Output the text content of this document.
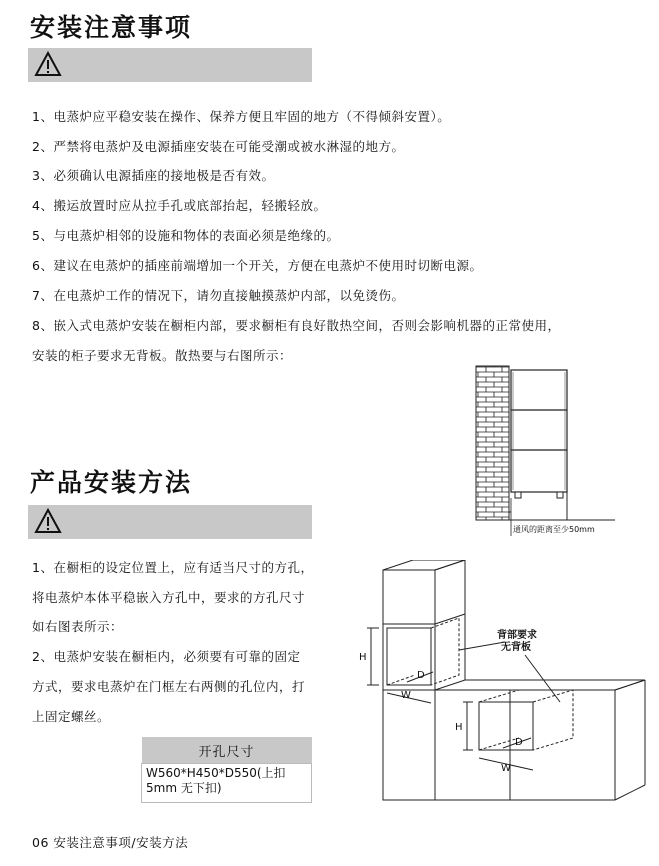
安装注意事项
1、电蒸炉应平稳安装在操作、保养方便且牢固的地方（不得倾斜安置）。
2、严禁将电蒸炉及电源插座安装在可能受潮或被水淋湿的地方。
3、必须确认电源插座的接地极是否有效。
4、搬运放置时应从拉手孔或底部抬起，轻搬轻放。
5、与电蒸炉相邻的设施和物体的表面必须是绝缘的。
6、建议在电蒸炉的插座前端增加一个开关，方便在电蒸炉不使用时切断电源。
7、在电蒸炉工作的情况下，请勿直接触摸蒸炉内部，以免烫伤。
8、嵌入式电蒸炉安装在橱柜内部，要求橱柜有良好散热空间，否则会影响机器的正常使用，
安装的柜子要求无背板。散热要与右图所示：
通风的距离至少50mm
产品安装方法
1、在橱柜的设定位置上，应有适当尺寸的方孔，
将电蒸炉本体平稳嵌入方孔中，要求的方孔尺寸
如右图表所示：
2、电蒸炉安装在橱柜内，必须要有可靠的固定
方式，要求电蒸炉在门框左右两侧的孔位内，打
上固定螺丝。
开孔尺寸
W560*H450*D550(上扣5mm 无下扣)
背部要求
无背板
H
W
D
H
W
D
06 安装注意事项/安装方法
